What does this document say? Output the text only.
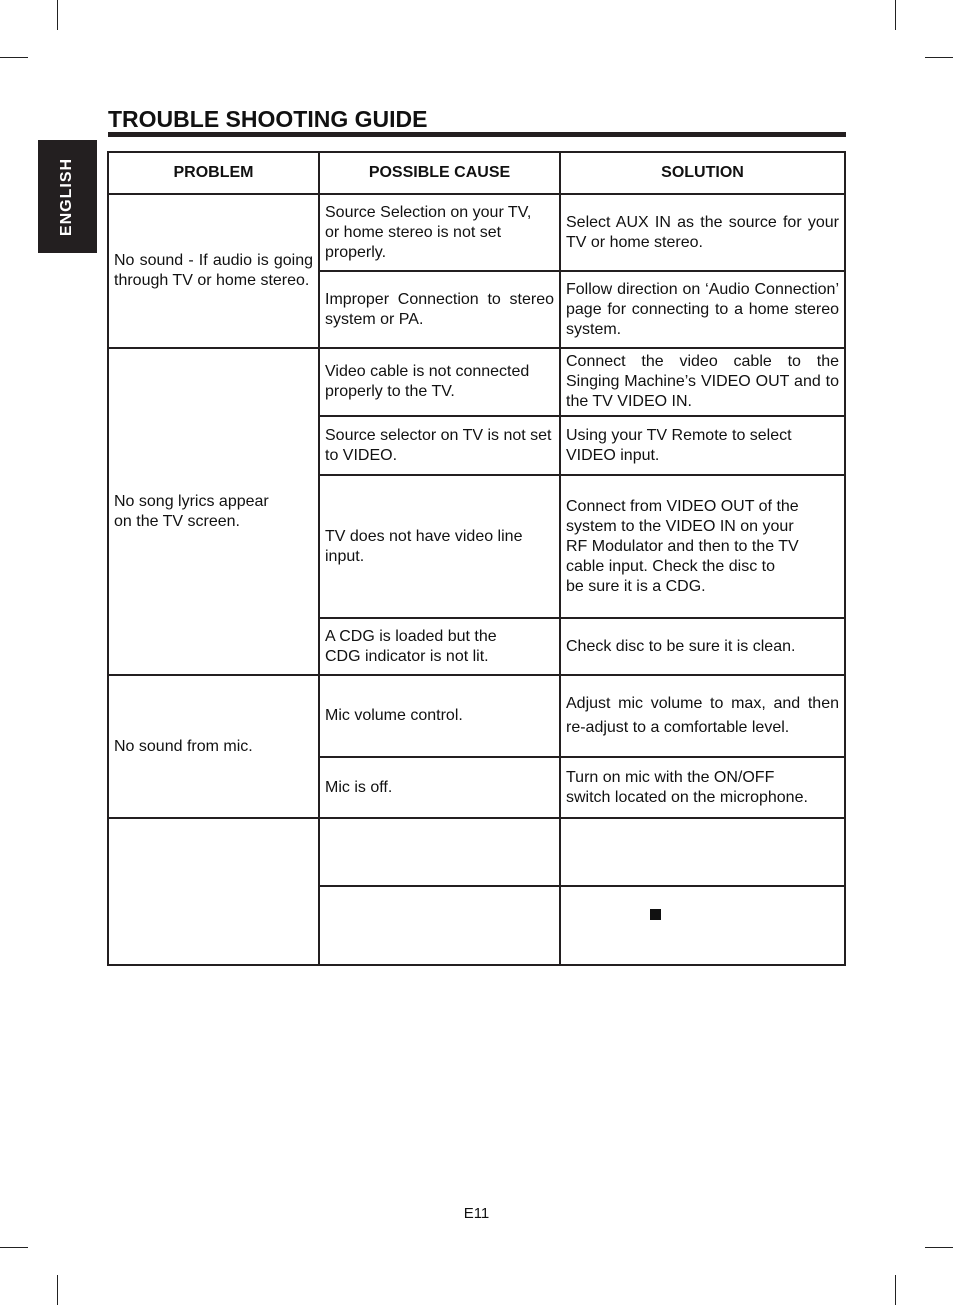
ENGLISH
TROUBLE SHOOTING GUIDE

PROBLEM	POSSIBLE CAUSE	SOLUTION

No sound - If audio is going through TV or home stereo.

Source Selection on your TV,
or home stereo is not set
properly.

Select AUX IN as the source for your TV or home stereo.

Improper Connection to stereo system or PA.

Follow direction on ‘Audio Connection’ page for connecting to a home stereo system.

No song lyrics appear
on the TV screen.

Video cable is not connected properly to the TV.

Connect the video cable to the Singing Machine’s VIDEO OUT and to the TV VIDEO IN.

Source selector on TV is not set to VIDEO.

Using your TV Remote to select VIDEO input.

TV does not have video line input.

Connect from VIDEO OUT of the
system to the VIDEO IN on your
RF Modulator and then to the TV
cable input. Check the disc to
be sure it is a CDG.

A CDG is loaded but the
CDG indicator is not lit.

Check disc to be sure it is clean.

No sound from mic.

Mic volume control.

Adjust mic volume to max, and then re-adjust to a comfortable level.

Mic is off.

Turn on mic with the ON/OFF
switch located on the microphone.

E11
